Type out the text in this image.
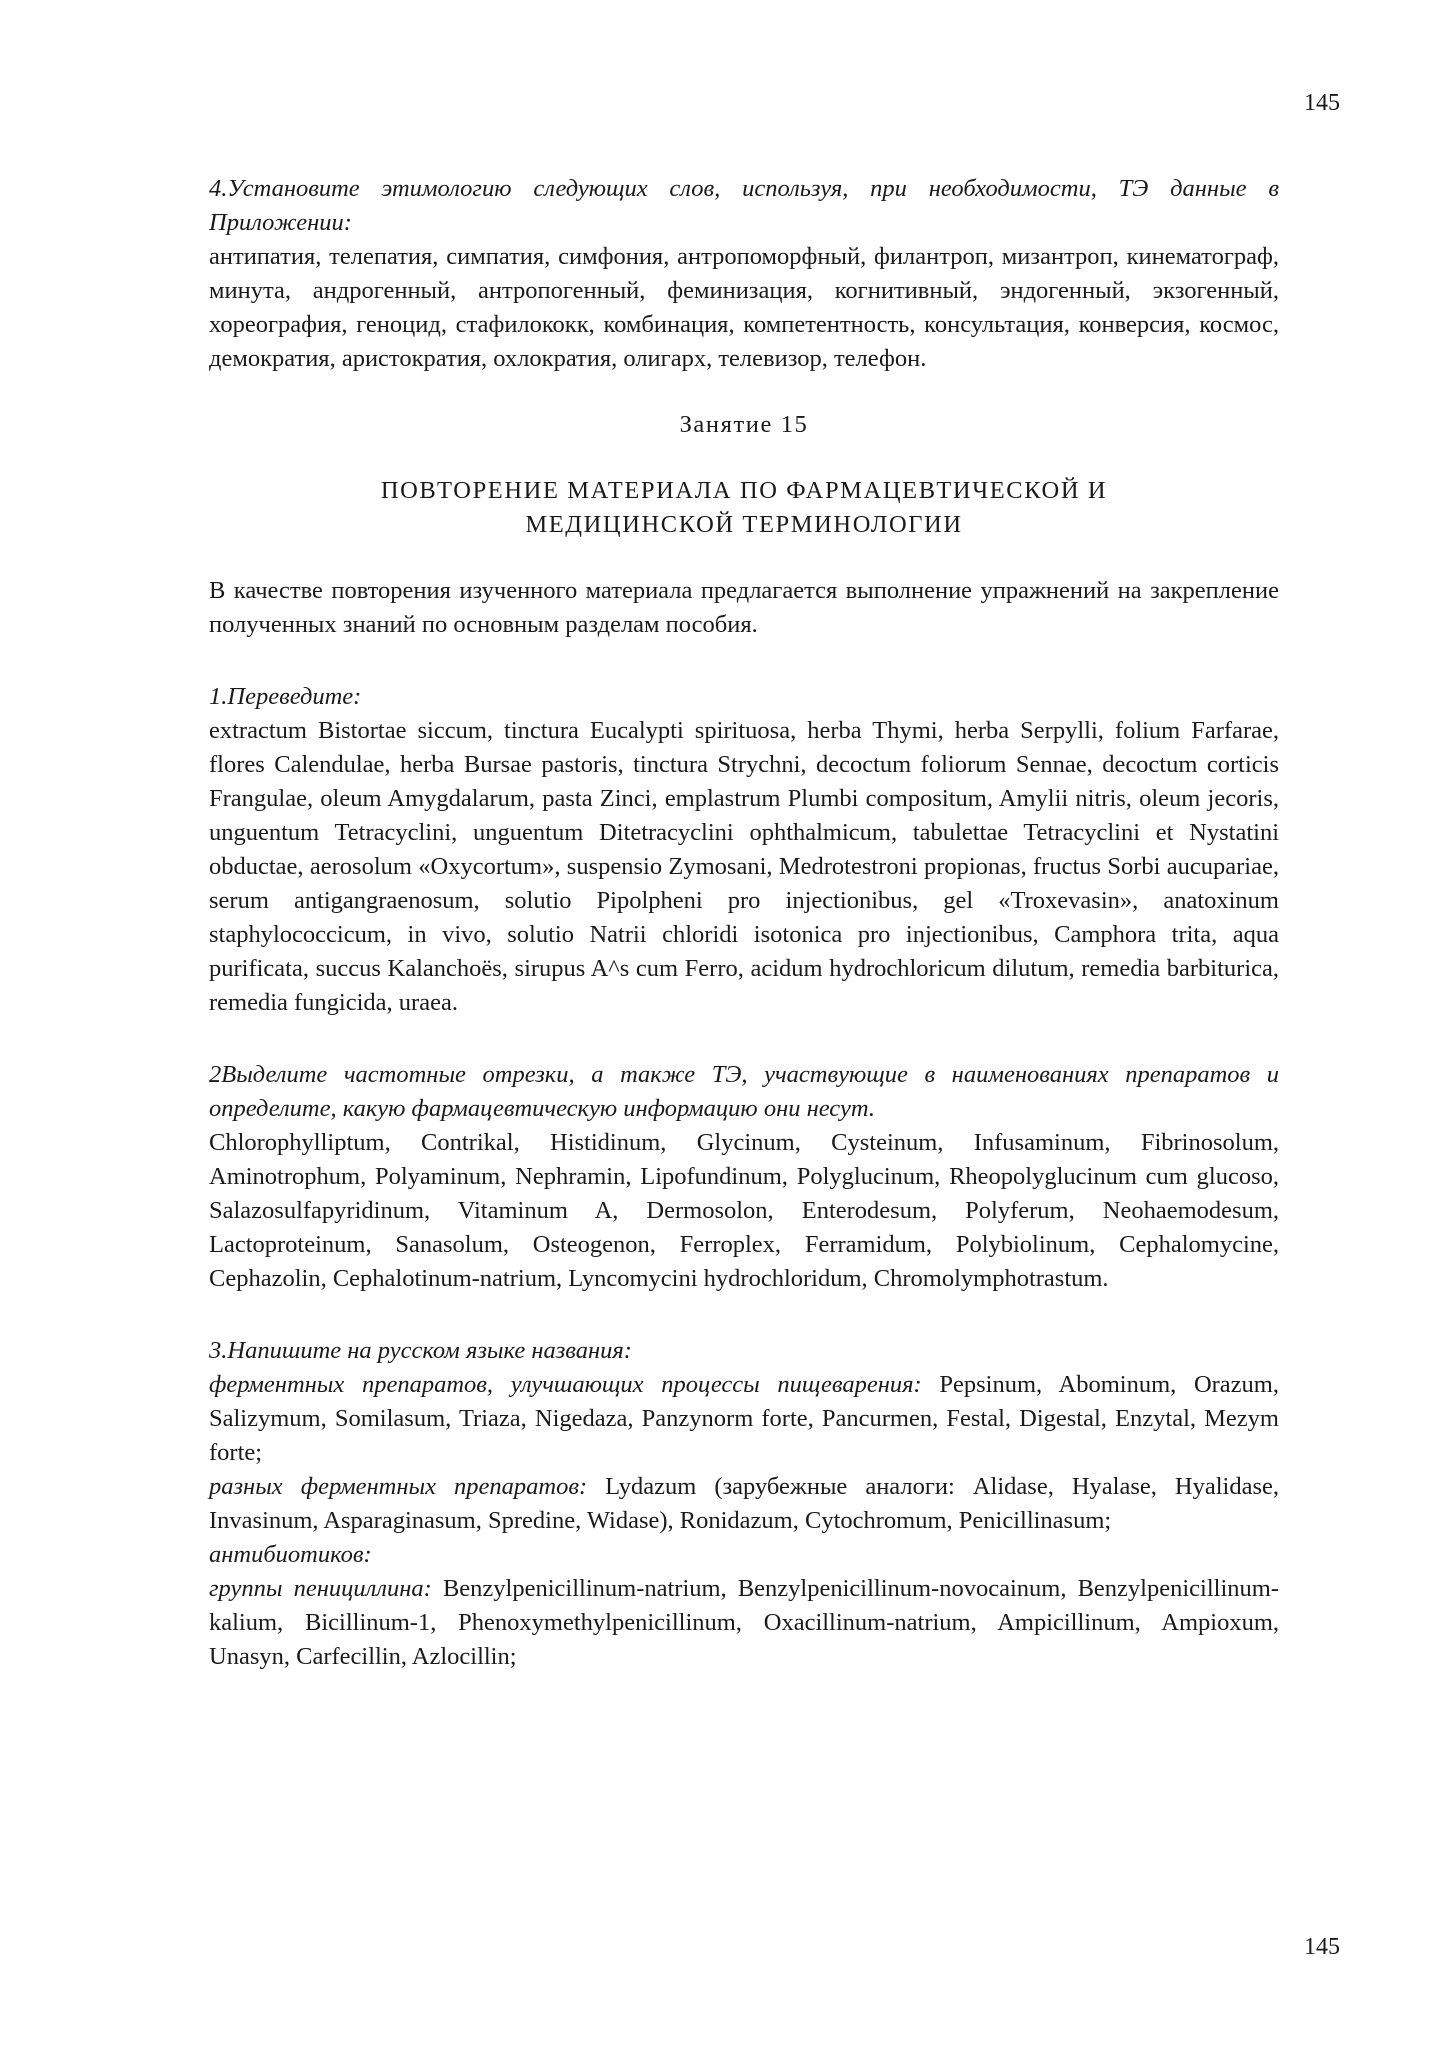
145

4.Установите этимологию следующих слов, используя, при необходимости, ТЭ данные в Приложении:

антипатия, телепатия, симпатия, симфония, антропоморфный, филантроп, мизантроп, кинематограф, минута, андрогенный, антропогенный, феминизация, когнитивный, эндогенный, экзогенный, хореография, геноцид, стафилококк, комбинация, компетентность, консультация, конверсия, космос, демократия, аристократия, охлократия, олигарх, телевизор, телефон.

Занятие 15

ПОВТОРЕНИЕ МАТЕРИАЛА ПО ФАРМАЦЕВТИЧЕСКОЙ И

МЕДИЦИНСКОЙ ТЕРМИНОЛОГИИ

В качестве повторения изученного материала предлагается выполнение упражнений на закрепление полученных знаний по основным разделам пособия.

1.Переведите:

extractum Bistortae siccum, tinctura Eucalypti spirituosa, herba Thymi, herba Serpylli, folium Farfarae, flores Calendulae, herba Bursae pastoris, tinctura Strychni, decoctum foliorum Sennae, decoctum corticis Frangulae, oleum Amygdalarum, pasta Zinci, emplastrum Plumbi compositum, Amylii nitris, oleum jecoris, unguentum Tetracyclini, unguentum Ditetracyclini ophthalmicum, tabulettae Tetracyclini et Nystatini obductae, aerosolum «Oxycortum», suspensio Zymosani, Medrotestroni propionas, fructus Sorbi aucupariae, serum antigangraenosum, solutio Pipolpheni pro injectionibus, gel «Troxevasin», anatoxinum staphylococcicum, in vivo, solutio Natrii chloridi isotonica pro injectionibus, Camphora trita, aqua purificata, succus Kalanchoës, sirupus A^s cum Ferro, acidum hydrochloricum dilutum, remedia barbiturica, remedia fungicida, uraea.

2Выделите частотные отрезки, а также ТЭ, участвующие в наименованиях препаратов и определите, какую фармацевтическую информацию они несут.

Chlorophylliptum, Contrikal, Histidinum, Glycinum, Cysteinum, Infusaminum, Fibrinosolum, Aminotrophum, Polyaminum, Nephramin, Lipofundinum, Polyglucinum, Rheopolyglucinum cum glucoso, Salazosulfapyridinum, Vitaminum A, Dermosolon, Enterodesum, Polyferum, Neohaemodesum, Lactoproteinum, Sanasolum, Osteogenon, Ferroplex, Ferramidum, Polybiolinum, Cephalomycine, Cephazolin, Cephalotinum-natrium, Lyncomycini hydrochloridum, Chromolymphotrastum.

3.Напишите на русском языке названия:

ферментных препаратов, улучшающих процессы пищеварения: Pepsinum, Abominum, Orazum, Salizymum, Somilasum, Triaza, Nigedaza, Panzynorm forte, Pancurmen, Festal, Digestal, Enzytal, Mezym forte;

разных ферментных препаратов: Lydazum (зарубежные аналоги: Alidase, Hyalase, Hyalidase, Invasinum, Asparaginasum, Spredine, Widase), Ronidazum, Cytochromum, Penicillinasum;

антибиотиков:

группы пенициллина: Benzylpenicillinum-natrium, Benzylpenicillinum-novocainum, Benzylpenicillinum-kalium, Bicillinum-1, Phenoxymethylpenicillinum, Oxacillinum-natrium, Ampicillinum, Ampioxum, Unasyn, Carfecillin, Azlocillin;

145
